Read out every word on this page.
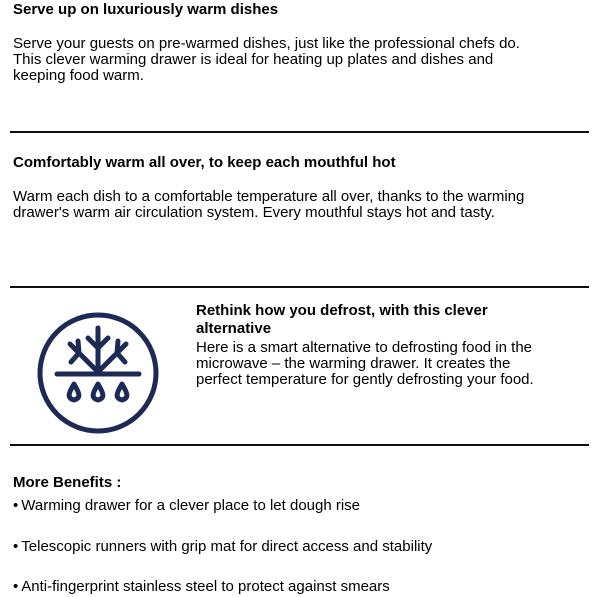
Serve up on luxuriously warm dishes

Serve your guests on pre-warmed dishes, just like the professional chefs do.

This clever warming drawer is ideal for heating up plates and dishes and

keeping food warm.

Comfortably warm all over, to keep each mouthful hot

Warm each dish to a comfortable temperature all over, thanks to the warming

drawer's warm air circulation system. Every mouthful stays hot and tasty.

Rethink how you defrost, with this clever

alternative

Here is a smart alternative to defrosting food in the

microwave – the warming drawer. It creates the

perfect temperature for gently defrosting your food.

More Benefits :

• Warming drawer for a clever place to let dough rise
• Telescopic runners with grip mat for direct access and stability
• Anti-fingerprint stainless steel to protect against smears
